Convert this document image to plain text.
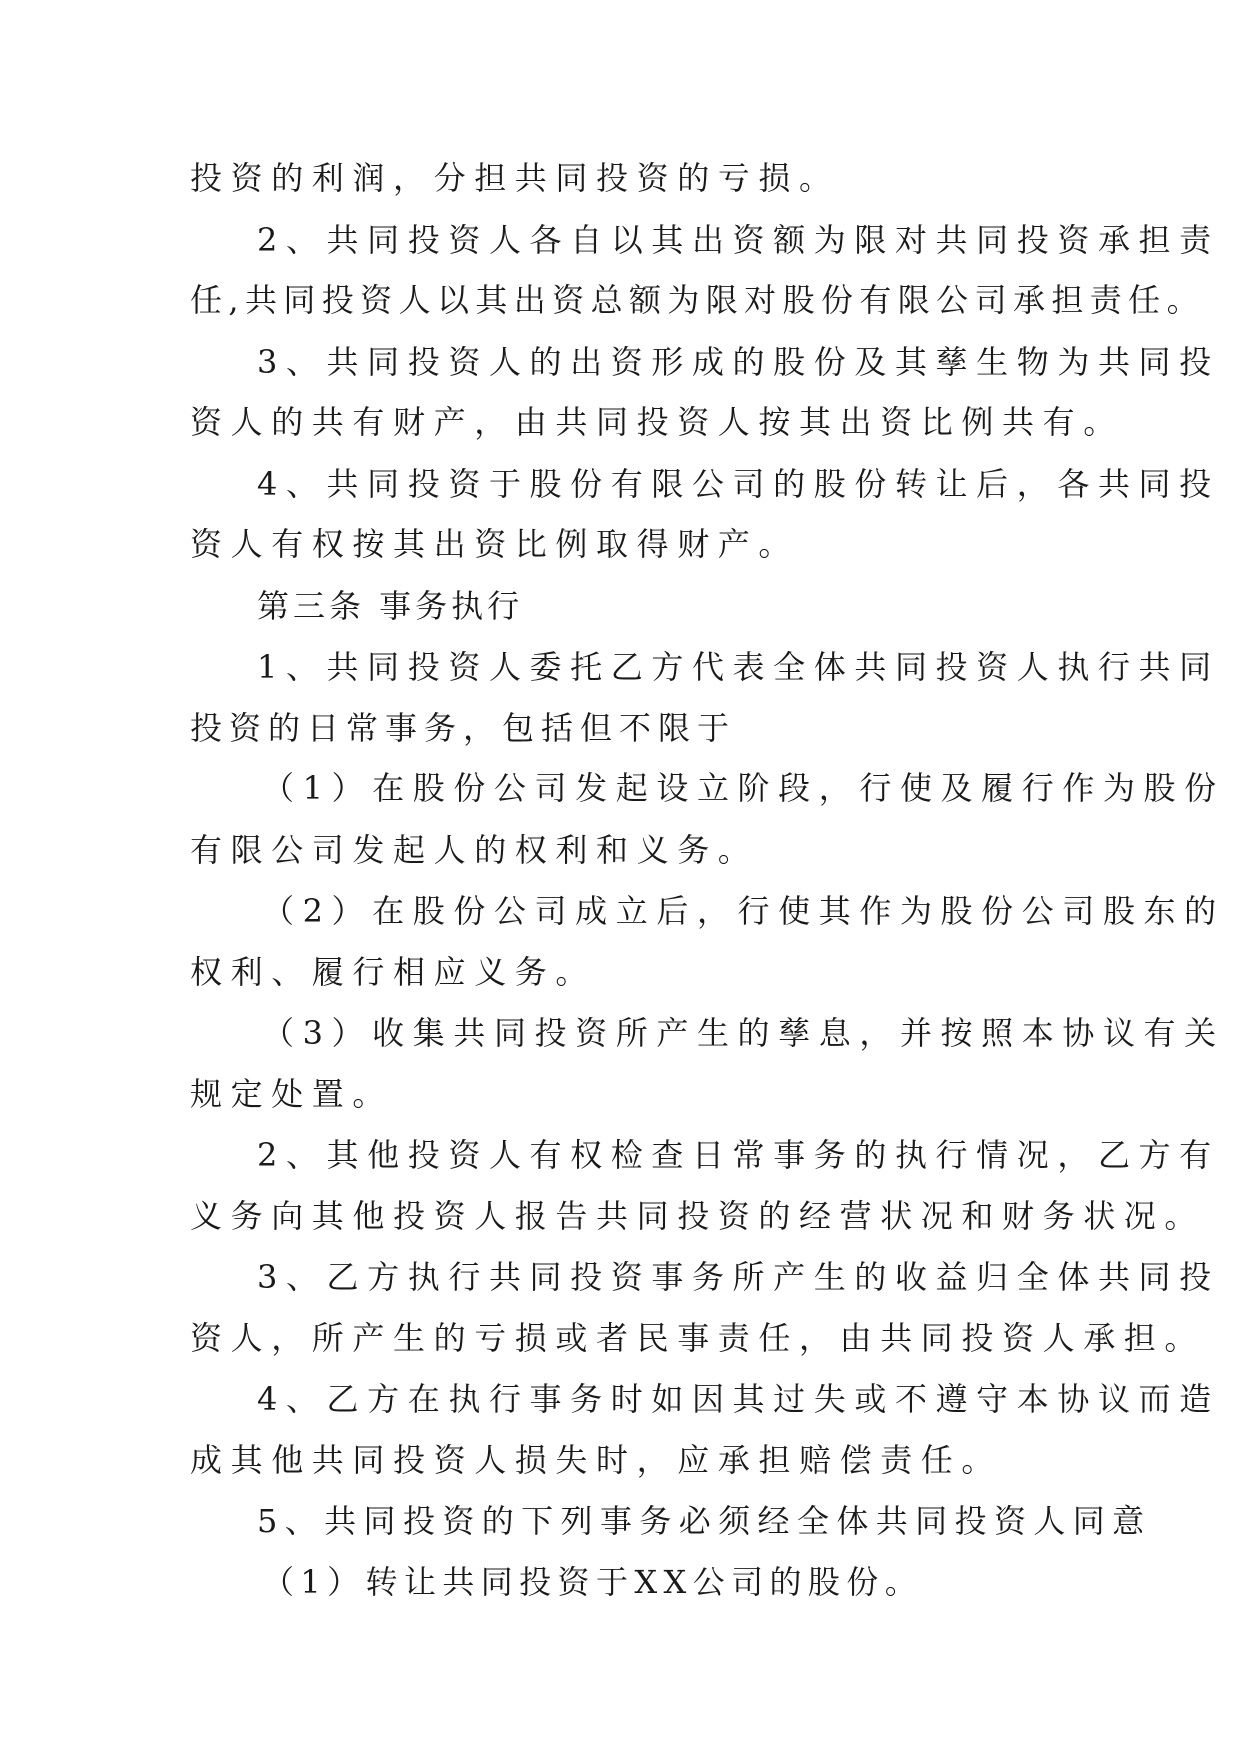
投资的利润，分担共同投资的亏损。
2、共同投资人各自以其出资额为限对共同投资承担责
任,共同投资人以其出资总额为限对股份有限公司承担责任。
3、共同投资人的出资形成的股份及其孳生物为共同投
资人的共有财产，由共同投资人按其出资比例共有。
4、共同投资于股份有限公司的股份转让后，各共同投
资人有权按其出资比例取得财产。
第三条 事务执行
1、共同投资人委托乙方代表全体共同投资人执行共同
投资的日常事务，包括但不限于
（1）在股份公司发起设立阶段，行使及履行作为股份
有限公司发起人的权利和义务。
（2）在股份公司成立后，行使其作为股份公司股东的
权利、履行相应义务。
（3）收集共同投资所产生的孳息，并按照本协议有关
规定处置。
2、其他投资人有权检查日常事务的执行情况，乙方有
义务向其他投资人报告共同投资的经营状况和财务状况。
3、乙方执行共同投资事务所产生的收益归全体共同投
资人，所产生的亏损或者民事责任，由共同投资人承担。
4、乙方在执行事务时如因其过失或不遵守本协议而造
成其他共同投资人损失时，应承担赔偿责任。
5、共同投资的下列事务必须经全体共同投资人同意
（1）转让共同投资于XX公司的股份。
